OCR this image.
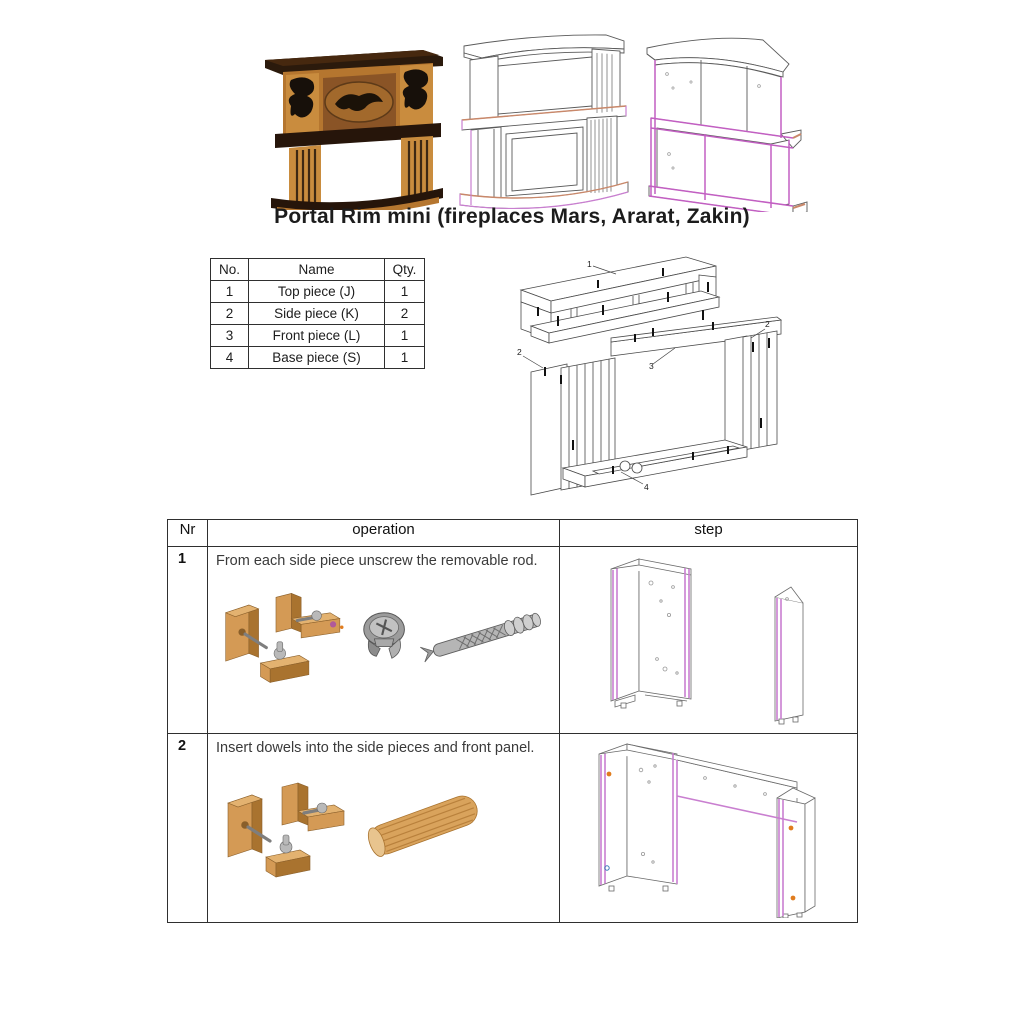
Portal Rim mini (fireplaces Mars, Ararat, Zakin)
No.	Name	Qty.
1	Top piece (J)	1
2	Side piece (K)	2
3	Front piece (L)	1
4	Base piece (S)	1
1
3
2
2
4
Nr	operation	step
1	From each side piece unscrew the removable rod.

2	Insert dowels into the side pieces and front panel.
